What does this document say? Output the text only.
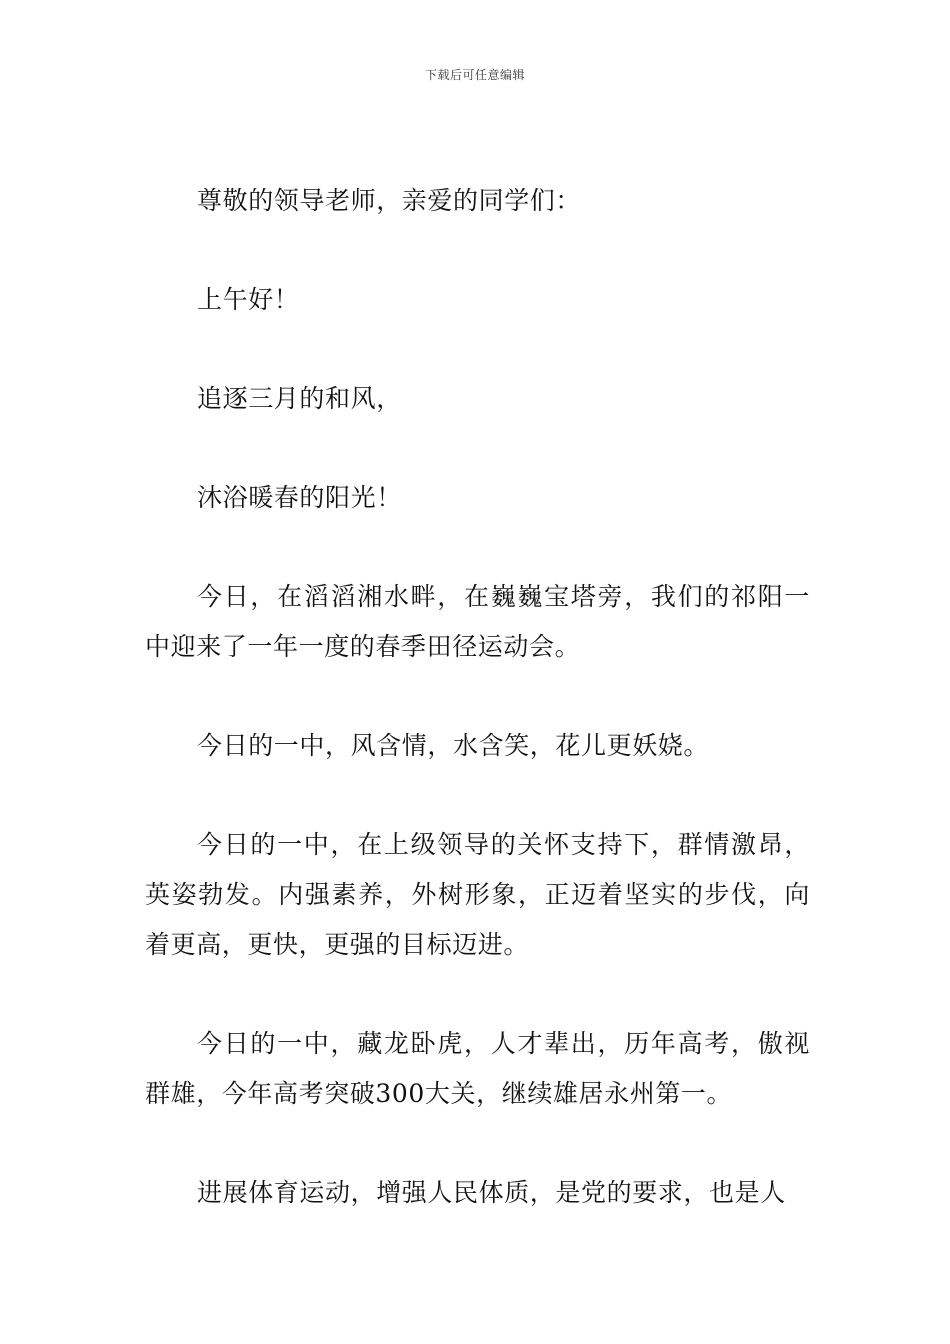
下载后可任意编辑

尊敬的领导老师，亲爱的同学们：

上午好！

追逐三月的和风，

沐浴暖春的阳光！

今日，在滔滔湘水畔，在巍巍宝塔旁，我们的祁阳一中迎来了一年一度的春季田径运动会。

今日的一中，风含情，水含笑，花儿更妖娆。

今日的一中，在上级领导的关怀支持下，群情激昂，英姿勃发。内强素养，外树形象，正迈着坚实的步伐，向着更高，更快，更强的目标迈进。

今日的一中，藏龙卧虎，人才辈出，历年高考，傲视群雄，今年高考突破300大关，继续雄居永州第一。

进展体育运动，增强人民体质，是党的要求，也是人
